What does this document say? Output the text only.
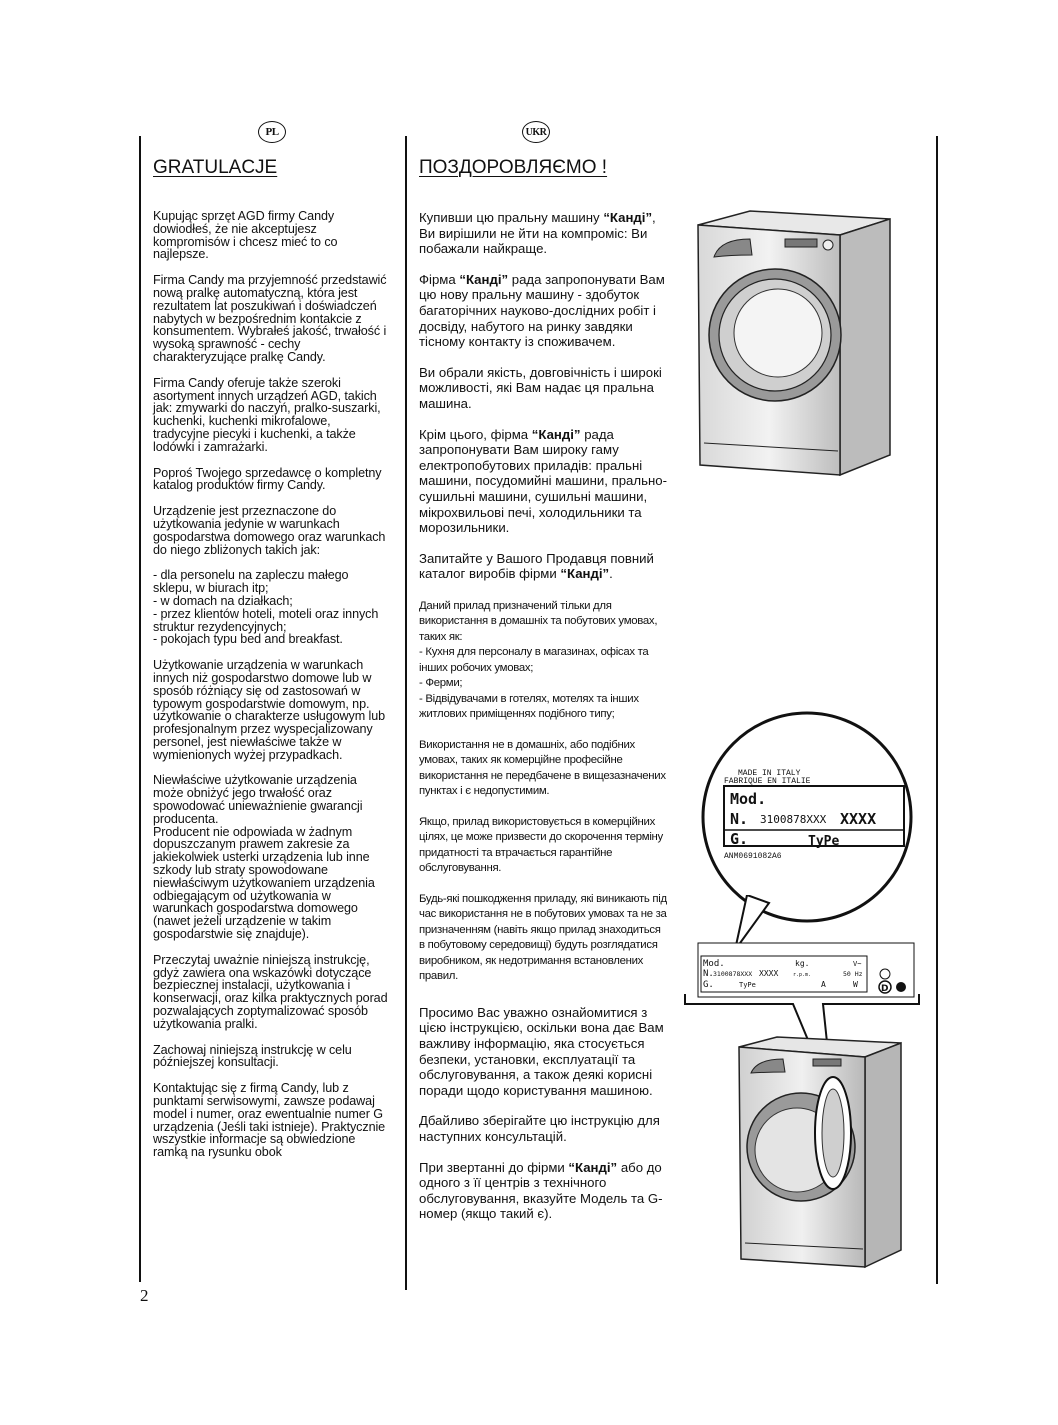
PL
GRATULACJE

Kupując sprzęt AGD firmy Candy dowiodłeś, że nie akceptujesz kompromisów i chcesz mieć to co najlepsze.

Firma Candy ma przyjemność przedstawić nową pralkę automatyczną, która jest rezultatem lat poszukiwań i doświadczeń nabytych w bezpośrednim kontakcie z konsumentem. Wybrałeś jakość, trwałość i wysoką sprawność - cechy charakteryzujące pralkę Candy.

Firma Candy oferuje także szeroki asortyment innych urządzeń AGD, takich jak: zmywarki do naczyń, pralko-suszarki, kuchenki, kuchenki mikrofalowe, tradycyjne piecyki i kuchenki, a także lodówki i zamrażarki.

Poproś Twojego sprzedawcę o kompletny katalog produktów firmy Candy.

Urządzenie jest przeznaczone do użytkowania jedynie w warunkach gospodarstwa domowego oraz warunkach do niego zbliżonych takich jak:

- dla personelu na zapleczu małego sklepu, w biurach itp;
- w domach na działkach;
- przez klientów hoteli, moteli oraz innych struktur rezydencyjnych;
- pokojach typu bed and breakfast.

Użytkowanie urządzenia w warunkach innych niż gospodarstwo domowe lub w sposób różniący się od zastosowań w typowym gospodarstwie domowym, np. użytkowanie o charakterze usługowym lub profesjonalnym przez wyspecjalizowany personel, jest niewłaściwe także w wymienionych wyżej przypadkach.

Niewłaściwe użytkowanie urządzenia może obniżyć jego trwałość oraz spowodować unieważnienie gwarancji producenta.
Producent nie odpowiada w żadnym dopuszczanym prawem zakresie za jakiekolwiek usterki urządzenia lub inne szkody lub straty spowodowane niewłaściwym użytkowaniem urządzenia odbiegającym od użytkowania w warunkach gospodarstwa domowego (nawet jeżeli urządzenie w takim gospodarstwie się znajduje).

Przeczytaj uważnie niniejszą instrukcję, gdyż zawiera ona wskazówki dotyczące bezpiecznej instalacji, użytkowania i konserwacji, oraz kilka praktycznych porad pozwalających zoptymalizować sposób użytkowania pralki.

Zachowaj niniejszą instrukcję w celu późniejszej konsultacji.

Kontaktując się z firmą Candy, lub z punktami serwisowymi, zawsze podawaj model i numer, oraz ewentualnie numer G urządzenia (Jeśli taki istnieje). Praktycznie wszystkie informacje są obwiedzione ramką na rysunku obok

UKR
ПОЗДОРОВЛЯЄМО !

Купивши цю пральну машину “Канді”, Ви вирішили не йти на компроміс: Ви побажали найкраще.

Фірма “Канді” рада запропонувати Вам цю нову пральну машину - здобуток багаторічних науково-дослідних робіт і досвіду, набутого на ринку завдяки тісному контакту із споживачем.

Ви обрали якість, довговічність і широкі можливості, які Вам надає ця пральна машина.

Крім цього, фірма “Канді” рада запропонувати Вам широку гаму електропобутових приладів: пральні машини, посудомийні машини, прально-сушильні машини, сушильні машини, мікрохвильові печі, холодильники та морозильники.

Запитайте у Вашого Продавця повний каталог виробів фірми “Канді”.

Даний прилад призначений тільки для використання в домашніх та побутових умовах, таких як:
- Кухня для персоналу в магазинах, офісах та інших робочих умовах;
- Ферми;
- Відвідувачами в готелях, мотелях та інших житлових приміщеннях подібного типу;

Використання не в домашніх, або подібних умовах, таких як комерційне професійне використання не передбачене в вищезазначених пунктах і є недопустимим.

Якщо, прилад використовується в комерційних цілях, це може призвести до скорочення терміну придатності та втрачається гарантійне обслуговування.

Будь-які пошкодження приладу, які виникають під час використання не в побутових умовах та не за призначенням (навіть якщо прилад знаходиться в побутовому середовищі) будуть розглядатися виробником, як недотримання встановлених правил.

Просимо Вас уважно ознайомитися з цією інструкцією, оскільки вона дає Вам важливу інформацію, яка стосується безпеки, установки, експлуатації та обслуговування, а також деякі корисні поради щодо користування машиною.

Дбайливо зберігайте цю інструкцію для наступних консультацій.

При звертанні до фірми “Канді” або до одного з її центрів з технічного обслуговування, вказуйте Модель та G-номер (якщо такий є).

MADE IN ITALY
FABRIQUE EN ITALIE
Mod.
N. 3100878XXX XXXX
G.	TyPe
ANM0691082A6
Mod.
N. 3100878XXX XXXX
G.	TyPe
kg.
r.p.m.
A
50 Hz
V~
W	D
2
